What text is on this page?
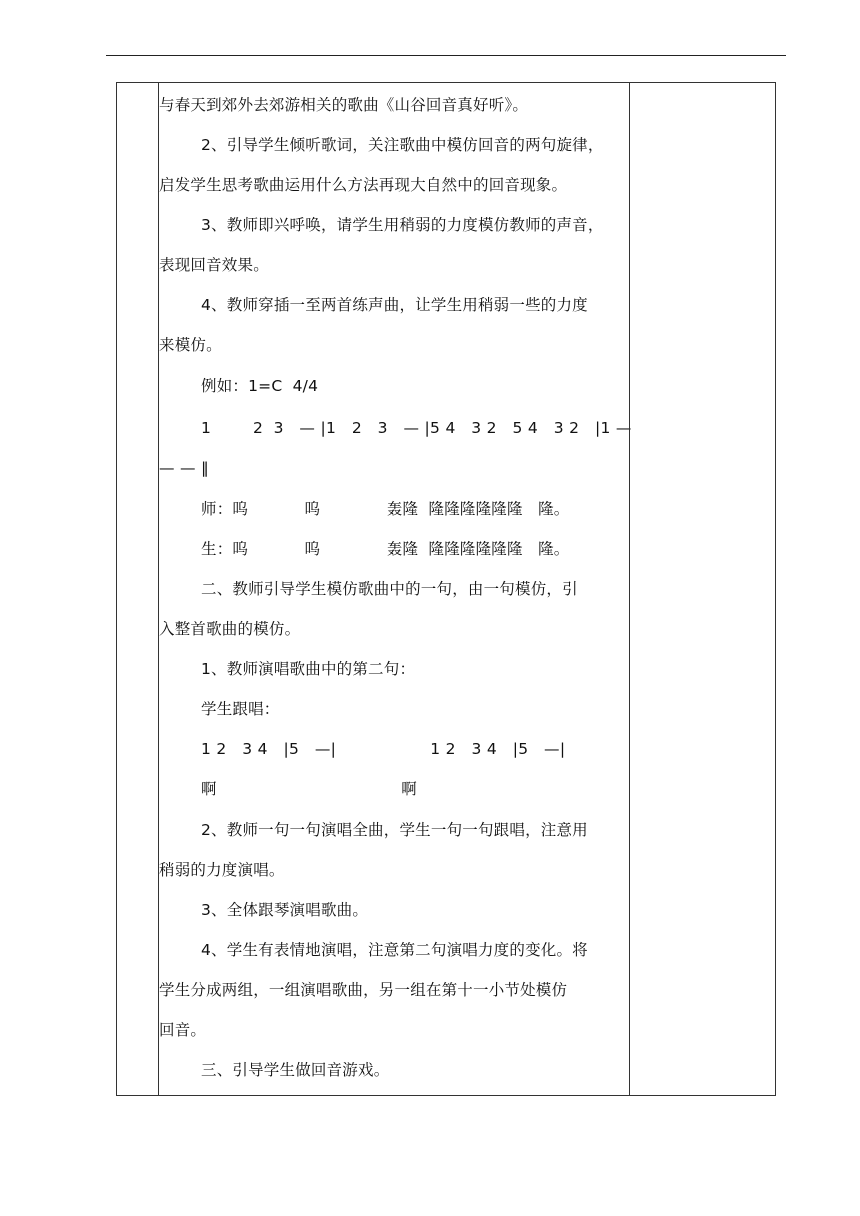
与春天到郊外去郊游相关的歌曲《山谷回音真好听》。
2、引导学生倾听歌词，关注歌曲中模仿回音的两句旋律，
启发学生思考歌曲运用什么方法再现大自然中的回音现象。
3、教师即兴呼唤，请学生用稍弱的力度模仿教师的声音，
表现回音效果。
4、教师穿插一至两首练声曲，让学生用稍弱一些的力度
来模仿。
例如：1=C  4/4
1        2  3   — |1   2   3   — |5 4   3 2   5 4   3 2   |1 —
— — ‖
师：呜           呜             轰隆  隆隆隆隆隆隆   隆。
生：呜           呜             轰隆  隆隆隆隆隆隆   隆。
二、教师引导学生模仿歌曲中的一句，由一句模仿，引
入整首歌曲的模仿。
1、教师演唱歌曲中的第二句：
学生跟唱：
1 2   3 4   |5   —|                  1 2   3 4   |5   —|
啊                                    啊
2、教师一句一句演唱全曲，学生一句一句跟唱，注意用
稍弱的力度演唱。
3、全体跟琴演唱歌曲。
4、学生有表情地演唱，注意第二句演唱力度的变化。将
学生分成两组，一组演唱歌曲，另一组在第十一小节处模仿
回音。
三、引导学生做回音游戏。
